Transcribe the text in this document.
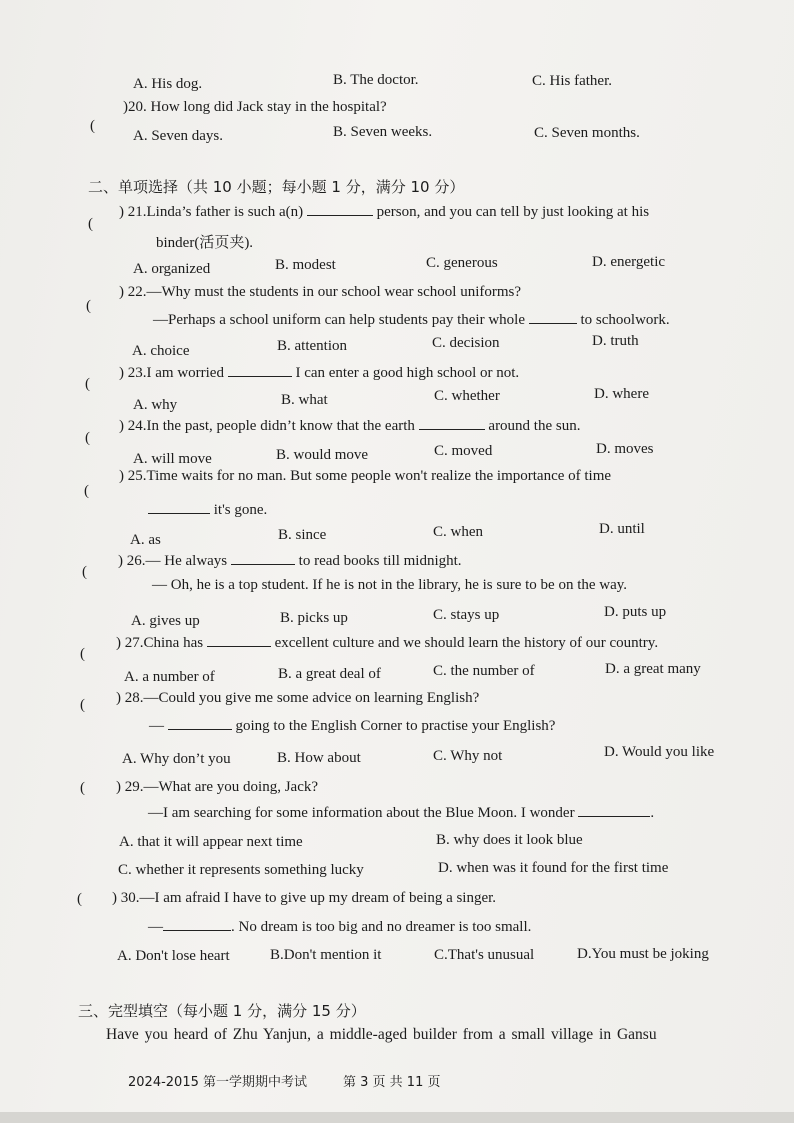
A. His dog.	B. The doctor.	C. His father.
(
)20. How long did Jack stay in the hospital?
A. Seven days.	B. Seven weeks.	C. Seven months.
二、单项选择（共 10 小题；每小题 1 分，满分 10 分）
(
) 21.Linda’s father is such a(n)	person, and you can tell by just looking at his
binder(活页夹).
A. organized	B. modest	C. generous	D. energetic
(
) 22.—Why must the students in our school wear school uniforms?
—Perhaps a school uniform can help students pay their whole	to schoolwork.
A. choice	B. attention	C. decision	D. truth
(
) 23.I am worried	I can enter a good high school or not.
A. why	B. what	C. whether	D. where
(
) 24.In the past, people didn’t know that the earth	around the sun.
A. will move	B. would move	C. moved	D. moves
(
) 25.Time waits for no man. But some people won't realize the importance of time
it's gone.
A. as	B. since	C. when	D. until
(
) 26.— He always	to read books till midnight.
— Oh, he is a top student. If he is not in the library, he is sure to be on the way.
A. gives up	B. picks up	C. stays up	D. puts up
(
) 27.China has	excellent culture and we should learn the history of our country.
A. a number of	B. a great deal of	C. the number of	D. a great many
( ) 28.—Could you give me some advice on learning English?
—	going to the English Corner to practise your English?
A. Why don’t you	B. How about	C. Why not	D. Would you like
( ) 29.—What are you doing, Jack?
—I am searching for some information about the Blue Moon. I wonder	.
A. that it will appear next time	B. why does it look blue
C. whether it represents something lucky	D. when was it found for the first time
( ) 30.—I am afraid I have to give up my dream of being a singer.
—	. No dream is too big and no dreamer is too small.
A. Don't lose heart	B.Don't mention it	C.That's unusual	D.You must be joking
三、完型填空（每小题 1 分，满分 15 分）
Have you heard of Zhu Yanjun, a middle-aged builder from a small village in Gansu
2024-2015 第一学期期中考试	第 3 页 共 11 页
